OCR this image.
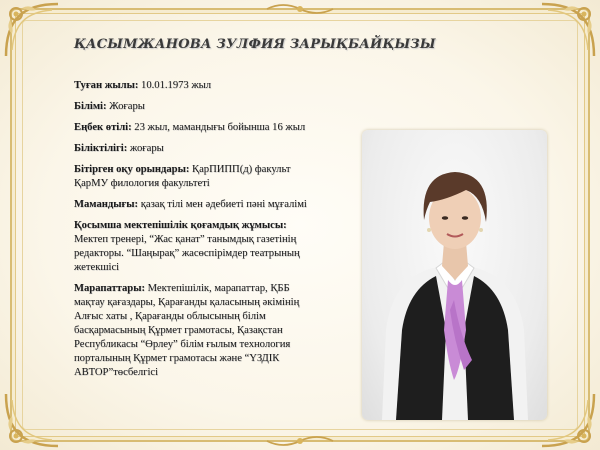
ҚАСЫМЖАНОВА ЗУЛФИЯ ЗАРЫҚБАЙҚЫЗЫ

Туған жылы: 10.01.1973 жыл

Білімі: Жоғары

Еңбек өтілі: 23 жыл, мамандығы бойынша 16 жыл

Біліктілігі: жоғары

Бітірген оқу орындары: ҚарПИПП(д) факульт ҚарМУ филология факультеті

Мамандығы: қазақ тілі мен әдебиеті пәні мұғалімі

Қосымша мектепішілік қоғамдық жұмысы: Мектеп тренері, “Жас қанат” танымдық газетінің редакторы. “Шаңырақ” жасөспірімдер театрының жетекшісі

Марапаттары: Мектепішілік, марапаттар, ҚББ мақтау қағаздары, Қарағанды қаласының әкімінің Алғыс хаты , Қарағанды облысының білім басқармасының Құрмет грамотасы, Қазақстан Республикасы “Өрлеу” білім ғылым технология порталының Құрмет грамотасы және “ҮЗДІК АВТОР”төсбелгісі
